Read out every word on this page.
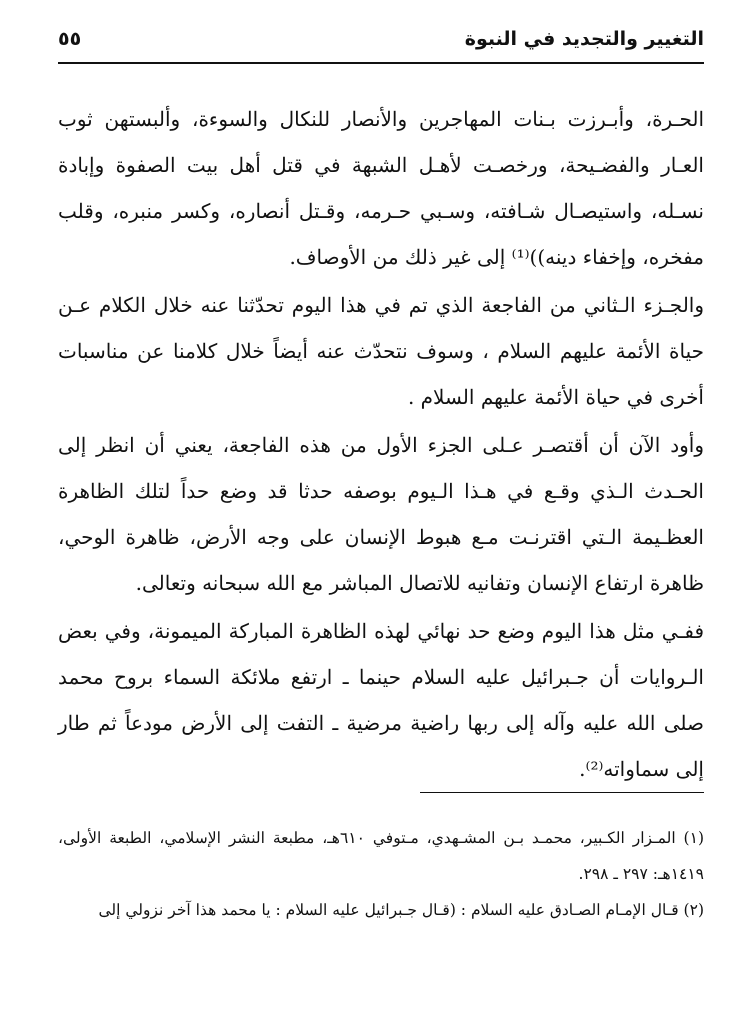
التغيير والتجديد في النبوة
٥٥

الحـرة، وأبـرزت بـنات المهاجرين والأنصار للنكال والسوءة، وألبستهن ثوب العـار والفضـيحة، ورخصـت لأهـل الشبهة في قتل أهل بيت الصفوة وإبادة نسـله، واستيصـال شـافته، وسـبي حـرمه، وقـتل أنصاره، وكسر منبره، وقلب مفخره، وإخفاء دينه))⁽¹⁾ إلى غير ذلك من الأوصاف.

والجـزء الـثاني من الفاجعة الذي تم في هذا اليوم تحدّثنا عنه خلال الكلام عـن حياة الأئمة عليهم السلام ، وسوف نتحدّث عنه أيضاً خلال كلامنا عن مناسبات أخرى في حياة الأئمة عليهم السلام .

وأود الآن أن أقتصـر عـلى الجزء الأول من هذه الفاجعة، يعني أن انظر إلى الحـدث الـذي وقـع في هـذا الـيوم بوصفه حدثا قد وضع حداً لتلك الظاهرة العظـيمة الـتي اقترنـت مـع هبوط الإنسان على وجه الأرض، ظاهرة الوحي، ظاهرة ارتفاع الإنسان وتفانيه للاتصال المباشر مع الله سبحانه وتعالى.

ففـي مثل هذا اليوم وضع حد نهائي لهذه الظاهرة المباركة الميمونة، وفي بعض الـروايات أن جـبرائيل عليه السلام حينما ـ ارتفع ملائكة السماء بروح محمد صلى الله عليه وآله إلى ربها راضية مرضية ـ التفت إلى الأرض مودعاً ثم طار إلى سماواته⁽²⁾.

(١) المـزار الكـبير، محمـد بـن المشـهدي، مـتوفي ٦١٠هـ، مطبعة النشر الإسلامي، الطبعة الأولى، ١٤١٩هـ: ٢٩٧ ـ ٢٩٨.

(٢) قـال الإمـام الصـادق عليه السلام : (قـال جـبرائيل عليه السلام : يا محمد هذا آخر نزولي إلى
